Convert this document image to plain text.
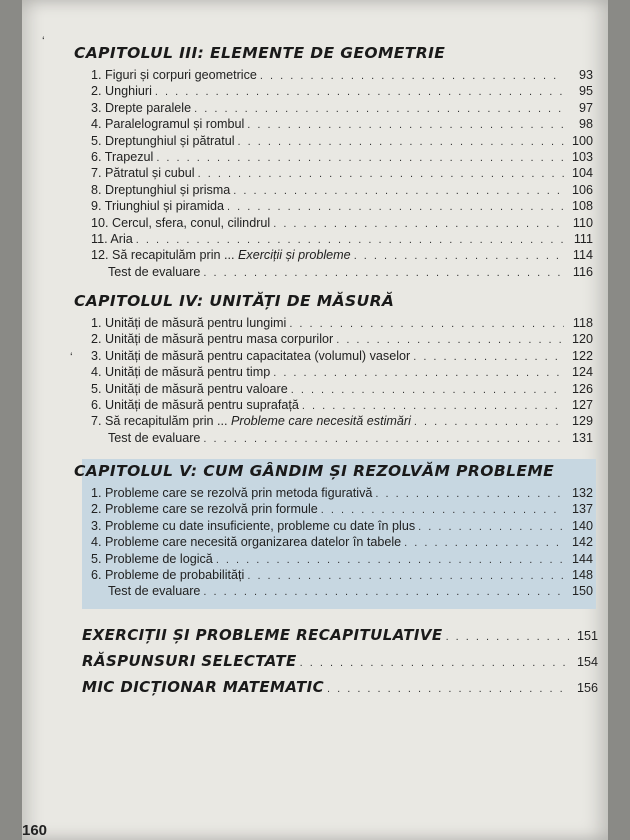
CAPITOLUL III: ELEMENTE DE GEOMETRIE
1. Figuri și corpuri geometrice . . .	93
2. Unghiuri . . .	95
3. Drepte paralele . . .	97
4. Paralelogramul și rombul . . .	98
5. Dreptunghiul și pătratul . . .	100
6. Trapezul . . .	103
7. Pătratul și cubul . . .	104
8. Dreptunghiul și prisma . . .	106
9. Triunghiul și piramida . . .	108
10. Cercul, sfera, conul, cilindrul . . .	110
11. Aria . . .	111
12. Să recapitulăm prin ... Exerciții și probleme . . .	114
Test de evaluare . . .	116
CAPITOLUL IV: UNITĂȚI DE MĂSURĂ
1. Unități de măsură pentru lungimi . . .	118
2. Unități de măsură pentru masa corpurilor . . .	120
3. Unități de măsură pentru capacitatea (volumul) vaselor . . .	122
4. Unități de măsură pentru timp . . .	124
5. Unități de măsură pentru valoare . . .	126
6. Unități de măsură pentru suprafață . . .	127
7. Să recapitulăm prin ... Probleme care necesită estimări . . .	129
Test de evaluare . . .	131
CAPITOLUL V: CUM GÂNDIM ȘI REZOLVĂM PROBLEME
1. Probleme care se rezolvă prin metoda figurativă . . .	132
2. Probleme care se rezolvă prin formule . . .	137
3. Probleme cu date insuficiente, probleme cu date în plus . . .	140
4. Probleme care necesită organizarea datelor în tabele . . .	142
5. Probleme de logică . . .	144
6. Probleme de probabilități . . .	148
Test de evaluare . . .	150
EXERCIȚII ȘI PROBLEME RECAPITULATIVE . . .	151
RĂSPUNSURI SELECTATE . . .	154
MIC DICȚIONAR MATEMATIC . . .	156
‘
‘
160
